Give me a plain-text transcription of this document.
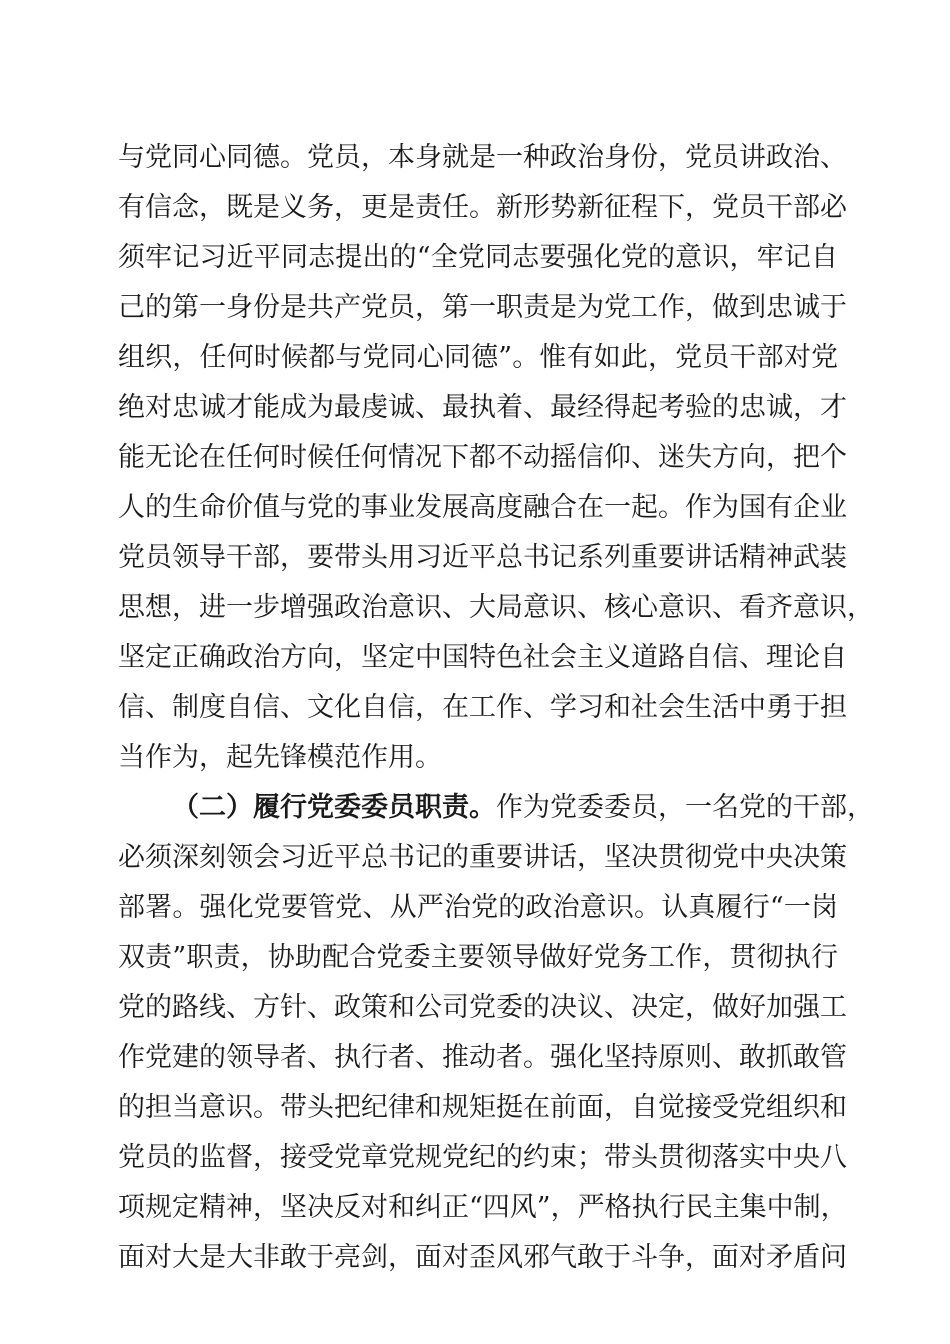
与党同心同德。党员，本身就是一种政治身份，党员讲政治、
有信念，既是义务，更是责任。新形势新征程下，党员干部必
须牢记习近平同志提出的“全党同志要强化党的意识，牢记自
己的第一身份是共产党员，第一职责是为党工作，做到忠诚于
组织，任何时候都与党同心同德”。惟有如此，党员干部对党
绝对忠诚才能成为最虔诚、最执着、最经得起考验的忠诚，才
能无论在任何时候任何情况下都不动摇信仰、迷失方向，把个
人的生命价值与党的事业发展高度融合在一起。作为国有企业
党员领导干部，要带头用习近平总书记系列重要讲话精神武装
思想，进一步增强政治意识、大局意识、核心意识、看齐意识，
坚定正确政治方向，坚定中国特色社会主义道路自信、理论自
信、制度自信、文化自信，在工作、学习和社会生活中勇于担
当作为，起先锋模范作用。
（二）履行党委委员职责。作为党委委员，一名党的干部，
必须深刻领会习近平总书记的重要讲话，坚决贯彻党中央决策
部署。强化党要管党、从严治党的政治意识。认真履行“一岗
双责”职责，协助配合党委主要领导做好党务工作，贯彻执行
党的路线、方针、政策和公司党委的决议、决定，做好加强工
作党建的领导者、执行者、推动者。强化坚持原则、敢抓敢管
的担当意识。带头把纪律和规矩挺在前面，自觉接受党组织和
党员的监督，接受党章党规党纪的约束；带头贯彻落实中央八
项规定精神，坚决反对和纠正“四风”，严格执行民主集中制，
面对大是大非敢于亮剑，面对歪风邪气敢于斗争，面对矛盾问
